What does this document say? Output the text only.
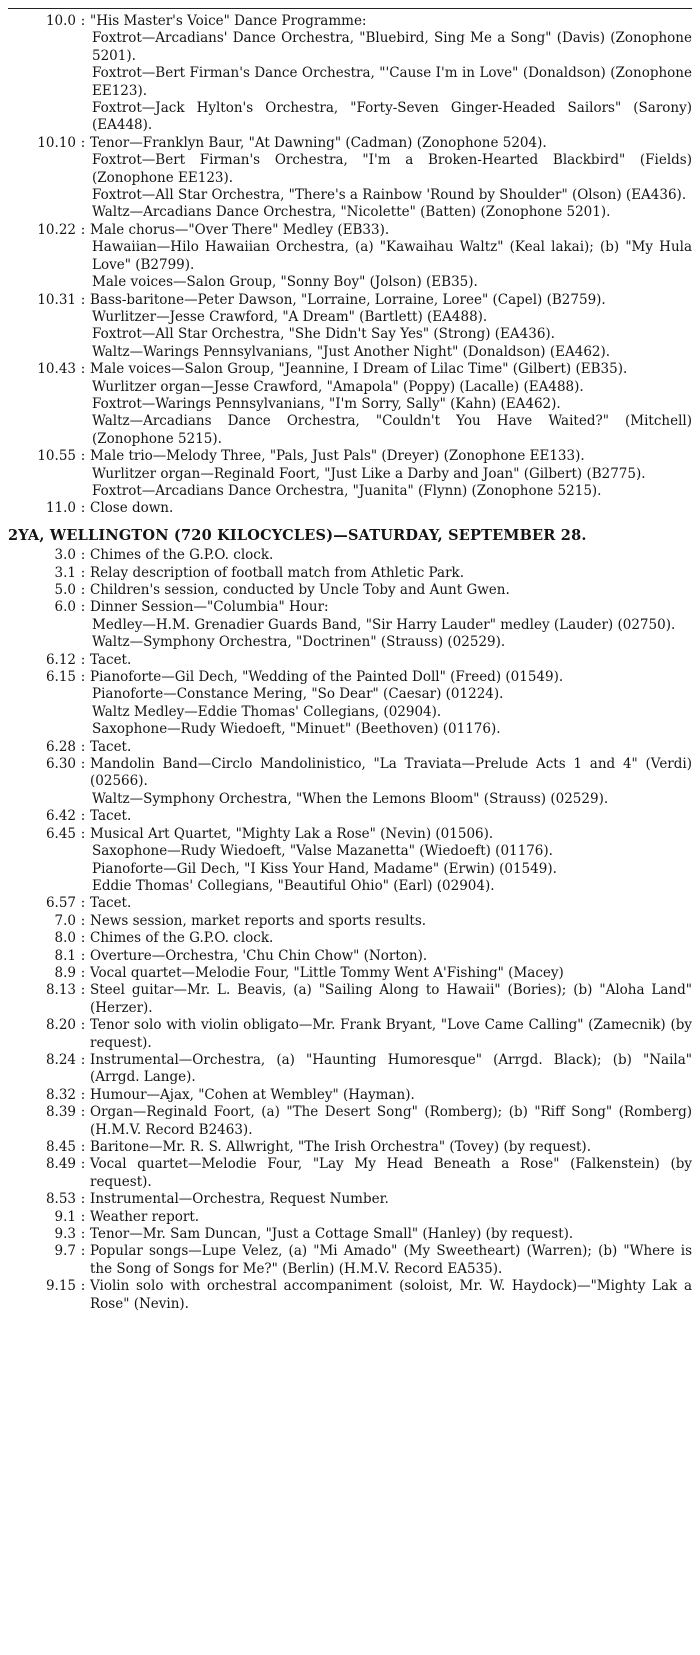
10.0 : "His Master's Voice" Dance Programme:

Foxtrot—Arcadians' Dance Orchestra, "Bluebird, Sing Me a Song" (Davis) (Zonophone 5201).

Foxtrot—Bert Firman's Dance Orchestra, "'Cause I'm in Love" (Donaldson) (Zonophone EE123).

Foxtrot—Jack Hylton's Orchestra, "Forty-Seven Ginger-Headed Sailors" (Sarony) (EA448).

10.10 : Tenor—Franklyn Baur, "At Dawning" (Cadman) (Zonophone 5204).

Foxtrot—Bert Firman's Orchestra, "I'm a Broken-Hearted Blackbird" (Fields) (Zonophone EE123).

Foxtrot—All Star Orchestra, "There's a Rainbow 'Round by Shoulder" (Olson) (EA436).

Waltz—Arcadians Dance Orchestra, "Nicolette" (Batten) (Zonophone 5201).

10.22 : Male chorus—"Over There" Medley (EB33).

Hawaiian—Hilo Hawaiian Orchestra, (a) "Kawaihau Waltz" (Keal lakai); (b) "My Hula Love" (B2799).

Male voices—Salon Group, "Sonny Boy" (Jolson) (EB35).

10.31 : Bass-baritone—Peter Dawson, "Lorraine, Lorraine, Loree" (Capel) (B2759).

Wurlitzer—Jesse Crawford, "A Dream" (Bartlett) (EA488).

Foxtrot—All Star Orchestra, "She Didn't Say Yes" (Strong) (EA436).

Waltz—Warings Pennsylvanians, "Just Another Night" (Donaldson) (EA462).

10.43 : Male voices—Salon Group, "Jeannine, I Dream of Lilac Time" (Gilbert) (EB35).

Wurlitzer organ—Jesse Crawford, "Amapola" (Poppy) (Lacalle) (EA488).

Foxtrot—Warings Pennsylvanians, "I'm Sorry, Sally" (Kahn) (EA462).

Waltz—Arcadians Dance Orchestra, "Couldn't You Have Waited?" (Mitchell) (Zonophone 5215).

10.55 : Male trio—Melody Three, "Pals, Just Pals" (Dreyer) (Zonophone EE133).

Wurlitzer organ—Reginald Foort, "Just Like a Darby and Joan" (Gilbert) (B2775).

Foxtrot—Arcadians Dance Orchestra, "Juanita" (Flynn) (Zonophone 5215).

11.0 : Close down.

2YA, WELLINGTON (720 KILOCYCLES)—SATURDAY, SEPTEMBER 28.
3.0 : Chimes of the G.P.O. clock.

3.1 : Relay description of football match from Athletic Park.

5.0 : Children's session, conducted by Uncle Toby and Aunt Gwen.

6.0 : Dinner Session—"Columbia" Hour:

Medley—H.M. Grenadier Guards Band, "Sir Harry Lauder" medley (Lauder) (02750).

Waltz—Symphony Orchestra, "Doctrinen" (Strauss) (02529).

6.12 : Tacet.

6.15 : Pianoforte—Gil Dech, "Wedding of the Painted Doll" (Freed) (01549).

Pianoforte—Constance Mering, "So Dear" (Caesar) (01224).

Waltz Medley—Eddie Thomas' Collegians, (02904).

Saxophone—Rudy Wiedoeft, "Minuet" (Beethoven) (01176).

6.28 : Tacet.

6.30 : Mandolin Band—Circlo Mandolinistico, "La Traviata—Prelude Acts 1 and 4" (Verdi) (02566).

Waltz—Symphony Orchestra, "When the Lemons Bloom" (Strauss) (02529).

6.42 : Tacet.

6.45 : Musical Art Quartet, "Mighty Lak a Rose" (Nevin) (01506).

Saxophone—Rudy Wiedoeft, "Valse Mazanetta" (Wiedoeft) (01176).

Pianoforte—Gil Dech, "I Kiss Your Hand, Madame" (Erwin) (01549).

Eddie Thomas' Collegians, "Beautiful Ohio" (Earl) (02904).

6.57 : Tacet.

7.0 : News session, market reports and sports results.

8.0 : Chimes of the G.P.O. clock.

8.1 : Overture—Orchestra, 'Chu Chin Chow" (Norton).

8.9 : Vocal quartet—Melodie Four, "Little Tommy Went A'Fishing" (Macey)

8.13 : Steel guitar—Mr. L. Beavis, (a) "Sailing Along to Hawaii" (Bories); (b) "Aloha Land" (Herzer).

8.20 : Tenor solo with violin obligato—Mr. Frank Bryant, "Love Came Calling" (Zamecnik) (by request).

8.24 : Instrumental—Orchestra, (a) "Haunting Humoresque" (Arrgd. Black); (b) "Naila" (Arrgd. Lange).

8.32 : Humour—Ajax, "Cohen at Wembley" (Hayman).

8.39 : Organ—Reginald Foort, (a) "The Desert Song" (Romberg); (b) "Riff Song" (Romberg) (H.M.V. Record B2463).

8.45 : Baritone—Mr. R. S. Allwright, "The Irish Orchestra" (Tovey) (by request).

8.49 : Vocal quartet—Melodie Four, "Lay My Head Beneath a Rose" (Falkenstein) (by request).

8.53 : Instrumental—Orchestra, Request Number.

9.1 : Weather report.

9.3 : Tenor—Mr. Sam Duncan, "Just a Cottage Small" (Hanley) (by request).

9.7 : Popular songs—Lupe Velez, (a) "Mi Amado" (My Sweetheart) (Warren); (b) "Where is the Song of Songs for Me?" (Berlin) (H.M.V. Record EA535).

9.15 : Violin solo with orchestral accompaniment (soloist, Mr. W. Haydock)—"Mighty Lak a Rose" (Nevin).
